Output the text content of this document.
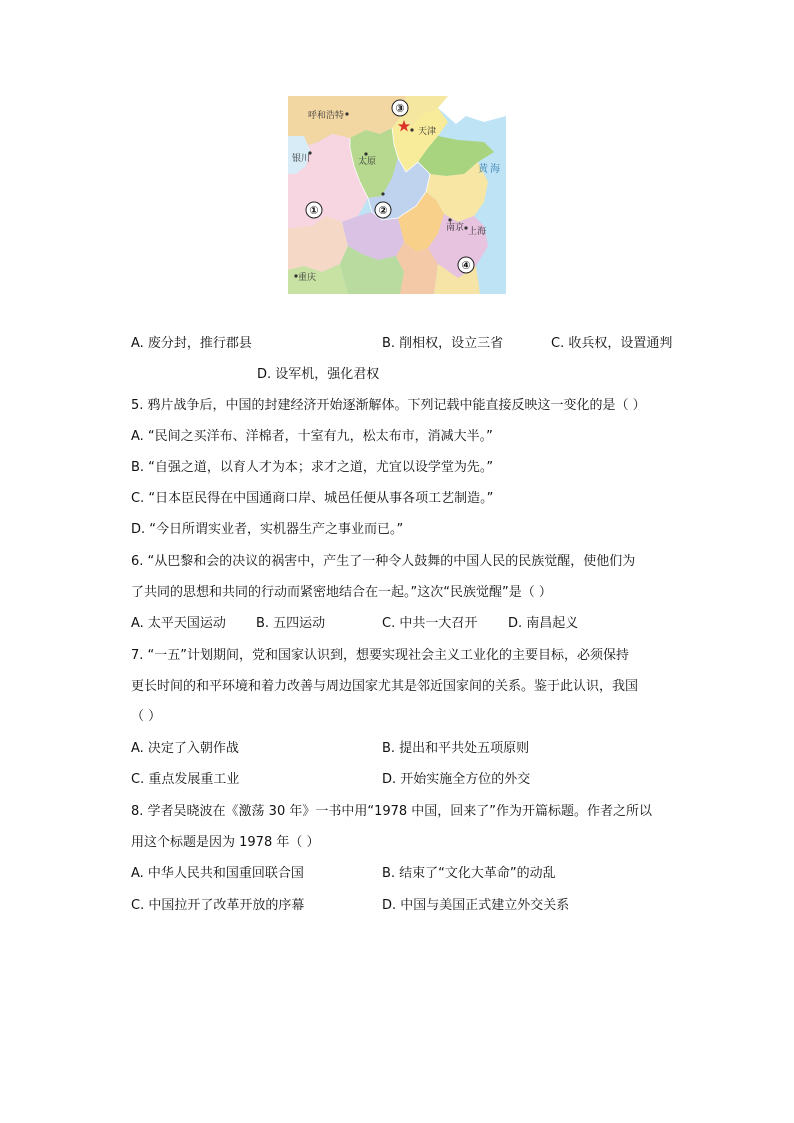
呼和浩特
天津
银川	太原
南京 上海
重庆
黄 海
③
①	②
④
A. 废分封，推行郡县	B. 削相权，设立三省	C. 收兵权，设置通判
D. 设军机，强化君权
5. 鸦片战争后，中国的封建经济开始逐渐解体。下列记载中能直接反映这一变化的是（ ）
A. “民间之买洋布、洋棉者，十室有九，松太布市，消减大半。”
B. “自强之道，以育人才为本；求才之道，尤宜以设学堂为先。”
C. “日本臣民得在中国通商口岸、城邑任便从事各项工艺制造。”
D. “今日所谓实业者，实机器生产之事业而已。”
6. “从巴黎和会的决议的祸害中，产生了一种令人鼓舞的中国人民的民族觉醒，使他们为
了共同的思想和共同的行动而紧密地结合在一起。”这次“民族觉醒”是（ ）
A. 太平天国运动 B. 五四运动	C. 中共一大召开 D. 南昌起义
7. “一五”计划期间，党和国家认识到，想要实现社会主义工业化的主要目标，必须保持
更长时间的和平环境和着力改善与周边国家尤其是邻近国家间的关系。鉴于此认识，我国
（ ）
A. 决定了入朝作战	B. 提出和平共处五项原则
C. 重点发展重工业	D. 开始实施全方位的外交
8. 学者吴晓波在《激荡 30 年》一书中用“1978 中国，回来了”作为开篇标题。作者之所以
用这个标题是因为 1978 年（ ）
A. 中华人民共和国重回联合国	B. 结束了“文化大革命”的动乱
C. 中国拉开了改革开放的序幕	D. 中国与美国正式建立外交关系
